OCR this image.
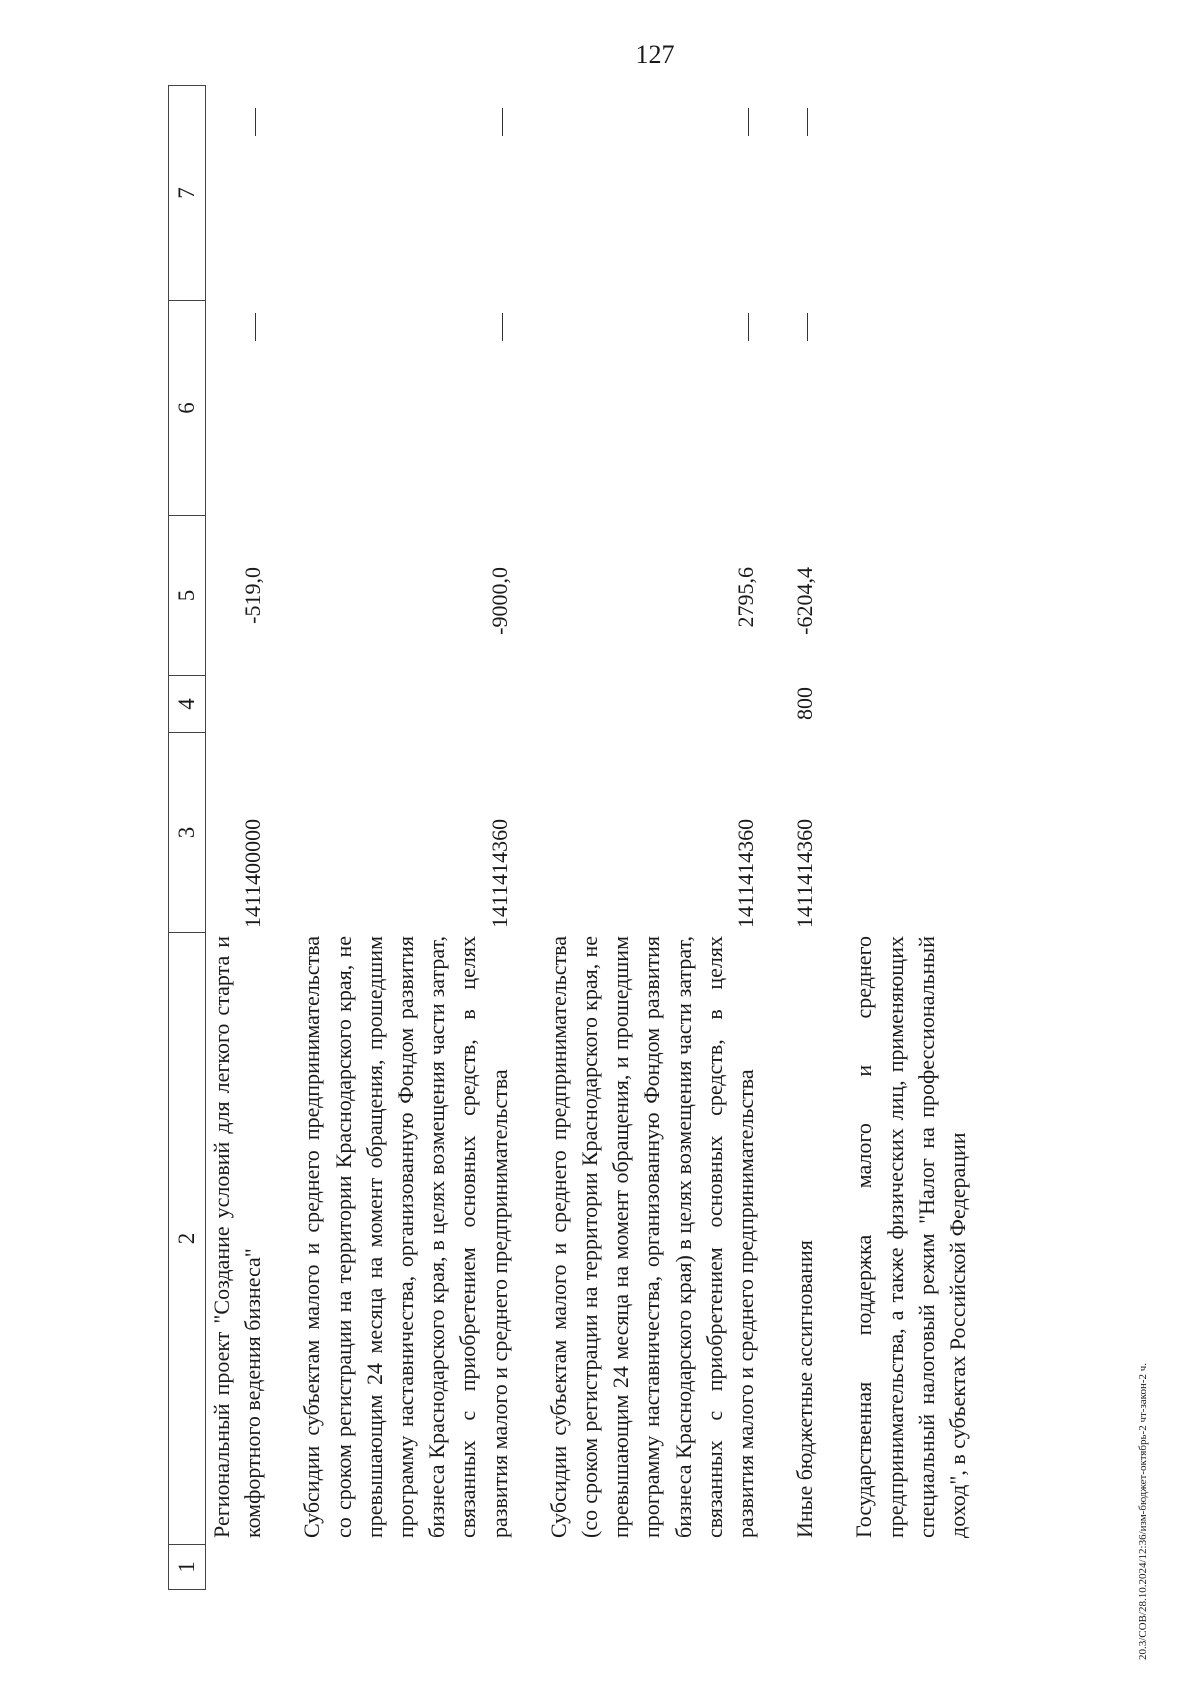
127
1
2
3
4
5
6
7
Региональный проект "Создание условий для легкого старта и комфортного ведения бизнеса"
1411400000
-519,0
Субсидии субъектам малого и среднего предпринимательства со сроком регистрации на территории Краснодарского края, не превышающим 24 месяца на момент обращения, прошедшим программу наставничества, организованную Фондом развития бизнеса Краснодарского края, в целях возмещения части затрат, связанных с приобретением основных средств, в целях развития малого и среднего предпринимательства
1411414360
-9000,0
Субсидии субъектам малого и среднего предпринимательства (со сроком регистрации на территории Краснодарского края, не превышающим 24 месяца на момент обращения, и прошедшим программу наставничества, организованную Фондом развития бизнеса Краснодарского края) в целях возмещения части затрат, связанных с приобретением основных средств, в целях развития малого и среднего предпринимательства
1411414360
2795,6
Иные бюджетные ассигнования
1411414360
800
-6204,4
Государственная поддержка малого и среднего предпринимательства, а также физических лиц, применяющих специальный налоговый режим "Налог на профессиональный доход", в субъектах Российской Федерации	20.3/СОВ/28.10.2024/12:36/изм-бюджет-октябрь-2 чт-закон-2 ч.
